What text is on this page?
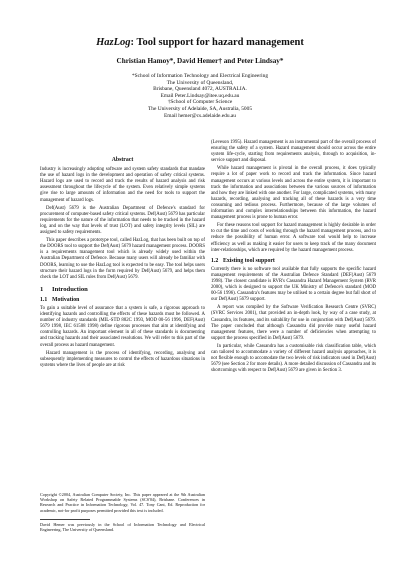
HazLog: Tool support for hazard management
Christian Hamoy*, David Hemer† and Peter Lindsay*
*School of Information Technology and Electrical Engineering
The University of Queensland,
Brisbane, Queensland 4072, AUSTRALIA.
Email Peter.Lindsay@itee.uq.edu.au
†School of Computer Science
The University of Adelaide, SA, Australia, 5005
Email hemer@cs.adelaide.edu.au
Abstract

Industry is increasingly adopting software and system safety standards that mandate the use of hazard logs in the development and operation of safety critical systems. Hazard logs are used to record and track the results of hazard analysis and risk assessment throughout the lifecycle of the system. Even relatively simple systems give rise to large amounts of information and the need for tools to support the management of hazard logs.

Def(Aust) 5679 is the Australian Department of Defence's standard for procurement of computer-based safety critical systems. Def(Aust) 5679 has particular requirements for the nature of the information that needs to be tracked in the hazard log, and on the way that levels of trust (LOT) and safety integrity levels (SIL) are assigned to safety requirements.

This paper describes a prototype tool, called HazLog, that has been built on top of the DOORS tool to support the Def(Aust) 5679 hazard management process. DOORS is a requirements management tool which is already widely used within the Australian Department of Defence. Because many users will already be familiar with DOORS, learning to use the HazLog tool is expected to be easy. The tool helps users structure their hazard logs in the form required by Def(Aust) 5679, and helps them check the LOT and SIL rules from Def(Aust) 5679.

1 Introduction
1.1 Motivation

To gain a suitable level of assurance that a system is safe, a rigorous approach to identifying hazards and controlling the effects of these hazards must be followed. A number of industry standards (MIL-STD 882C 1993, MOD 00-56 1996, DEF(Aust) 5679 1998, IEC 61508 1998) define rigorous processes that aim at identifying and controlling hazards. An important element in all of these standards is documenting and tracking hazards and their associated resolutions. We will refer to this part of the overall process as hazard management.

Hazard management is the process of identifying, recording, analysing and subsequently implementing measures to control the effects of hazardous situations in systems where the lives of people are at risk

Copyright ©2004, Australian Computer Society, Inc. This paper appeared at the 9th Australian Workshop on Safety Related Programmable Systems (SCS'04), Brisbane. Conferences in Research and Practice in Information Technology, Vol. 47. Tony Cant, Ed. Reproduction for academic, not-for profit purposes permitted provided this text is included.
David Hemer was previously in the School of Information Technology and Electrical Engineering, The University of Queensland.

(Leveson 1995). Hazard management is an instrumental part of the overall process of ensuring the safety of a system. Hazard management should occur across the entire system life-cycle, starting from requirements analysis, through to acquisition, in-service support and disposal.

While hazard management is pivotal in the overall process, it does typically require a lot of paper work to record and track the information. Since hazard management occurs at various levels and across the entire system, it is important to track the information and associations between the various sources of information and how they are linked with one another. For large, complicated systems, with many hazards, recording, analysing and tracking all of these hazards is a very time consuming and tedious process. Furthermore, because of the large volumes of information and complex interrelationships between this information, the hazard management process is prone to human error.

For these reasons tool support for hazard management is highly desirable in order to cut the time and costs of working through the hazard management process, and to reduce the possibility of human error. A software tool would help to increase efficiency as well as making it easier for users to keep track of the many document inter-relationships, which are required by the hazard management process.

1.2 Existing tool support

Currently there is no software tool available that fully supports the specific hazard management requirements of the Australian Defence Standard (DEF(Aust) 5679 1998). The closest candidate is RVR's Cassandra Hazard Management System (RVR 2000), which is designed to support the UK Ministry of Defence's standard (MOD 00-56 1996). Cassandra's features may be utilised to a certain degree but fall short of our Def(Aust) 5679 support.

A report was compiled by the Software Verification Research Centre (SVRC) (SVRC Services 2001), that provided an in-depth look, by way of a case study, at Cassandra, its features, and its suitability for use in conjunction with Def(Aust) 5679. The paper concluded that although Cassandra did provide many useful hazard management features, there were a number of deficiencies when attempting to support the process specified in Def(Aust) 5679.

In particular, while Cassandra has a customisable risk classification table, which can tailored to accommodate a variety of different hazard analysis approaches, it is not flexible enough to accomodate the two levels of risk indicators used in Def(Aust) 5679 (see Section 2 for more details). A more detailed discussion of Cassandra and its shortcomings with respect to Def(Aust) 5679 are given in Section 3.
